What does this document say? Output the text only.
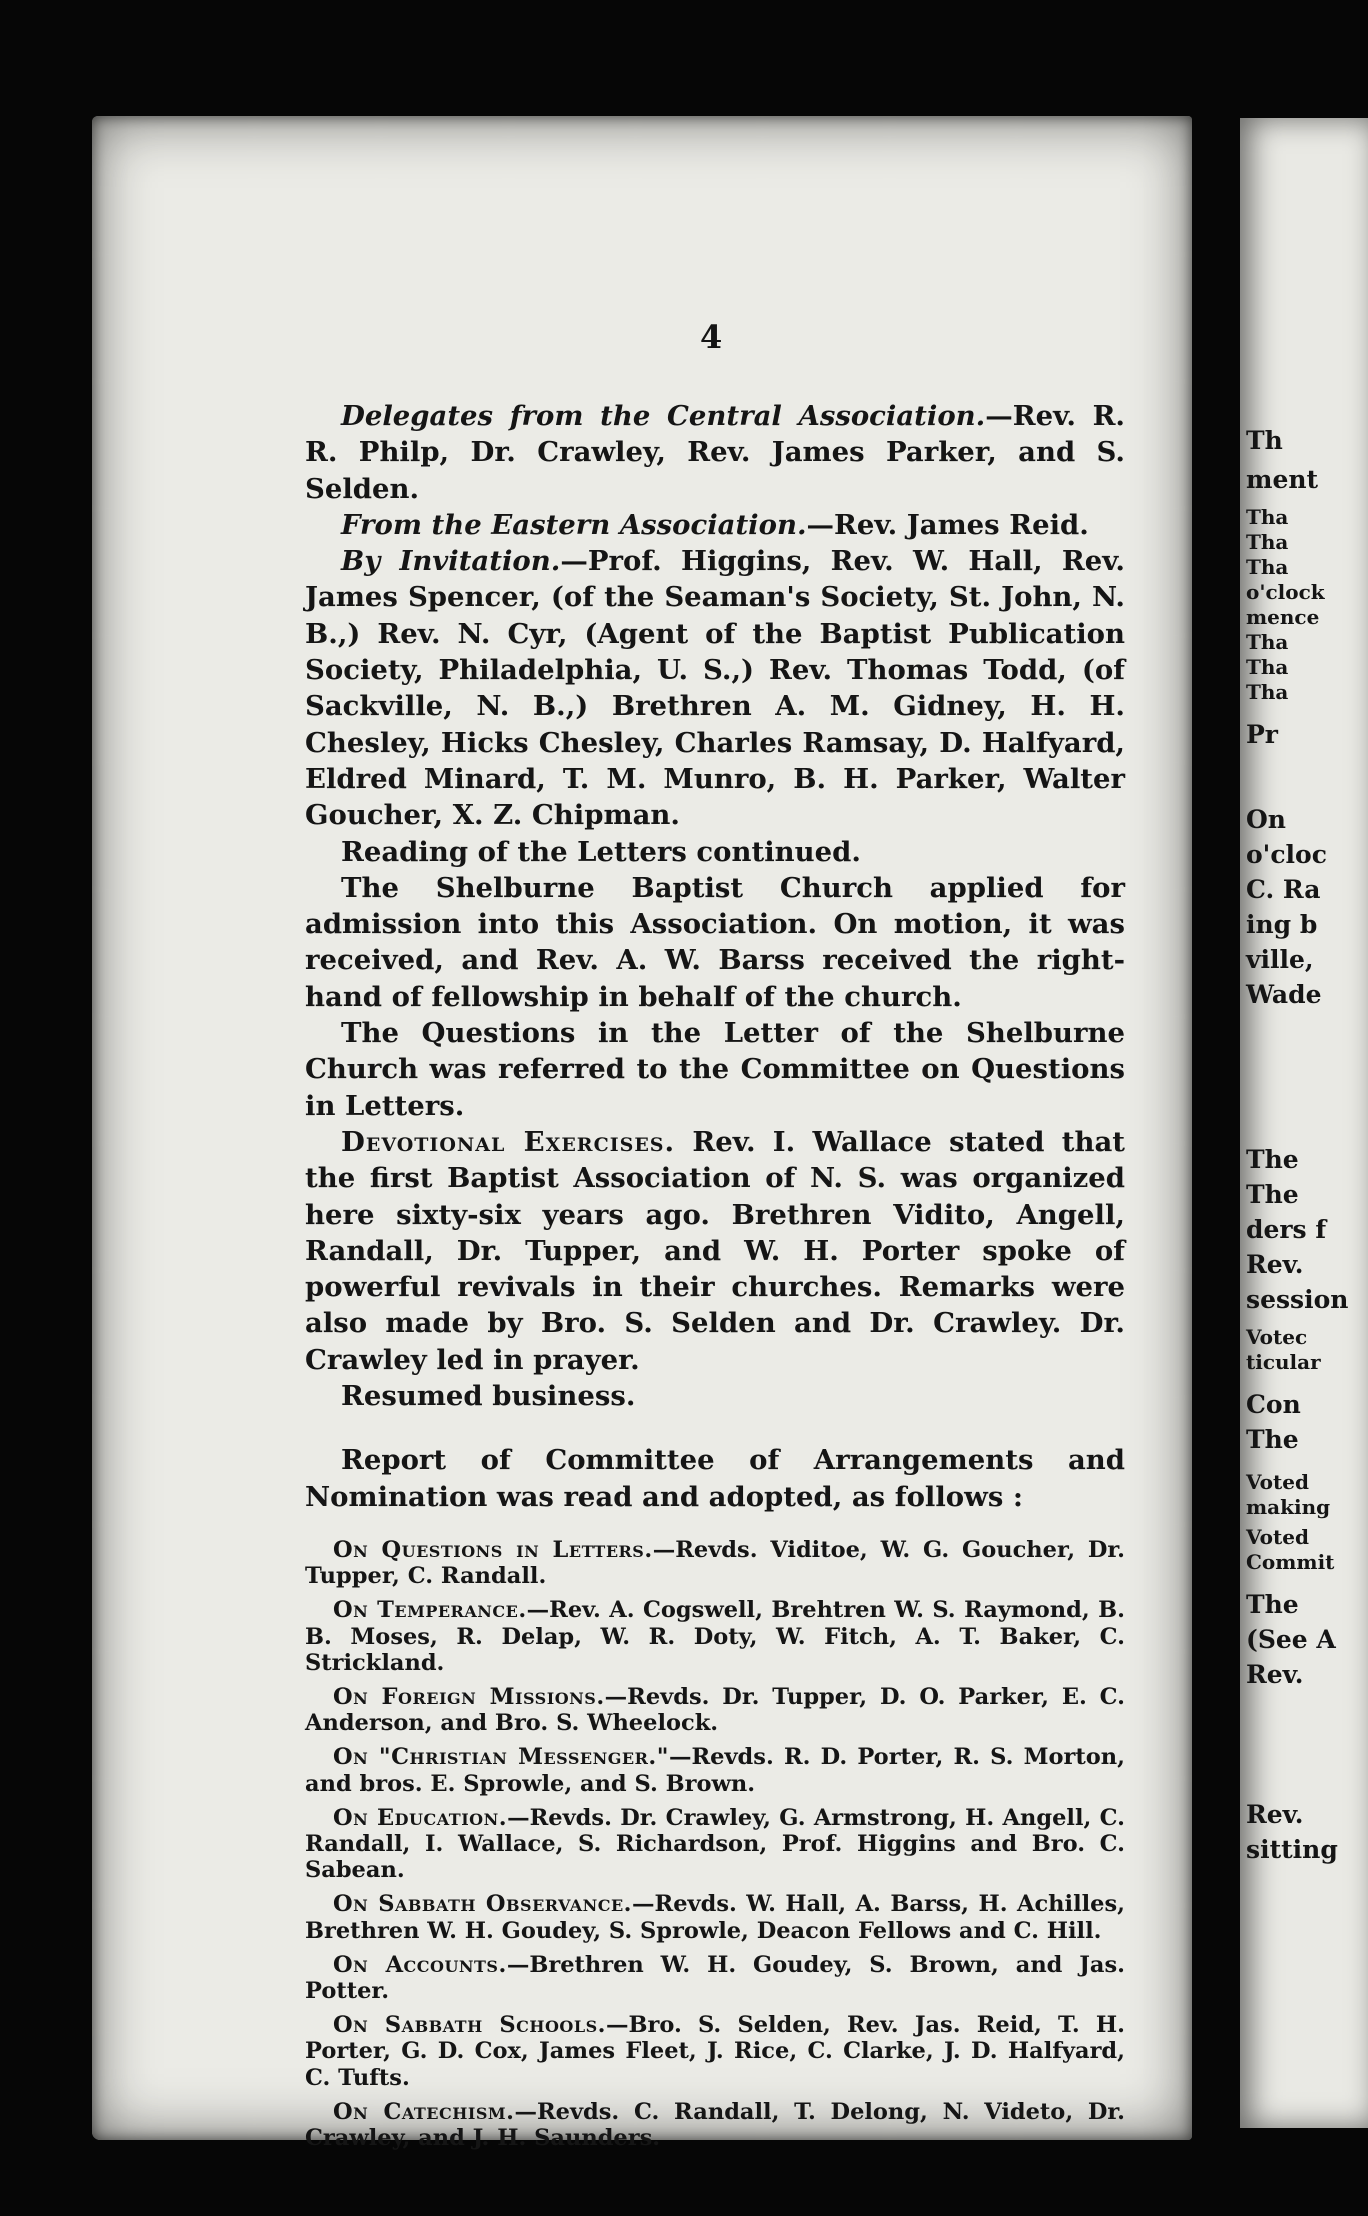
4

Delegates from the Central Association.—Rev. R. R. Philp, Dr. Crawley, Rev. James Parker, and S. Selden.

From the Eastern Association.—Rev. James Reid.

By Invitation.—Prof. Higgins, Rev. W. Hall, Rev. James Spencer, (of the Seaman's Society, St. John, N. B.,) Rev. N. Cyr, (Agent of the Baptist Publication Society, Philadelphia, U. S.,) Rev. Thomas Todd, (of Sackville, N. B.,) Brethren A. M. Gidney, H. H. Chesley, Hicks Chesley, Charles Ramsay, D. Halfyard, Eldred Minard, T. M. Munro, B. H. Parker, Walter Goucher, X. Z. Chipman.

Reading of the Letters continued.

The Shelburne Baptist Church applied for admission into this Association. On motion, it was received, and Rev. A. W. Barss received the right-hand of fellowship in behalf of the church.

The Questions in the Letter of the Shelburne Church was referred to the Committee on Questions in Letters.

Devotional Exercises. Rev. I. Wallace stated that the first Baptist Association of N. S. was organized here sixty-six years ago. Brethren Vidito, Angell, Randall, Dr. Tupper, and W. H. Porter spoke of powerful revivals in their churches. Remarks were also made by Bro. S. Selden and Dr. Crawley. Dr. Crawley led in prayer.

Resumed business.

Report of Committee of Arrangements and Nomination was read and adopted, as follows :

On Questions in Letters.—Revds. Viditoe, W. G. Goucher, Dr. Tupper, C. Randall.

On Temperance.—Rev. A. Cogswell, Brehtren W. S. Raymond, B. B. Moses, R. Delap, W. R. Doty, W. Fitch, A. T. Baker, C. Strickland.

On Foreign Missions.—Revds. Dr. Tupper, D. O. Parker, E. C. Anderson, and Bro. S. Wheelock.

On "Christian Messenger."—Revds. R. D. Porter, R. S. Morton, and bros. E. Sprowle, and S. Brown.

On Education.—Revds. Dr. Crawley, G. Armstrong, H. Angell, C. Randall, I. Wallace, S. Richardson, Prof. Higgins and Bro. C. Sabean.

On Sabbath Observance.—Revds. W. Hall, A. Barss, H. Achilles, Brethren W. H. Goudey, S. Sprowle, Deacon Fellows and C. Hill.

On Accounts.—Brethren W. H. Goudey, S. Brown, and Jas. Potter.

On Sabbath Schools.—Bro. S. Selden, Rev. Jas. Reid, T. H. Porter, G. D. Cox, James Fleet, J. Rice, C. Clarke, J. D. Halfyard, C. Tufts.

On Catechism.—Revds. C. Randall, T. Delong, N. Videto, Dr. Crawley, and J. H. Saunders.

Th
ment
Tha
Tha
Tha
o'clock
mence
Tha
Tha
Tha
Pr
On
o'cloc
C. Ra
ing b
ville,
Wade
The
The
ders f
Rev.
session
Votec
ticular
Con
The
Voted
making
Voted
Commit
The
(See A
Rev.
Rev.
sitting
